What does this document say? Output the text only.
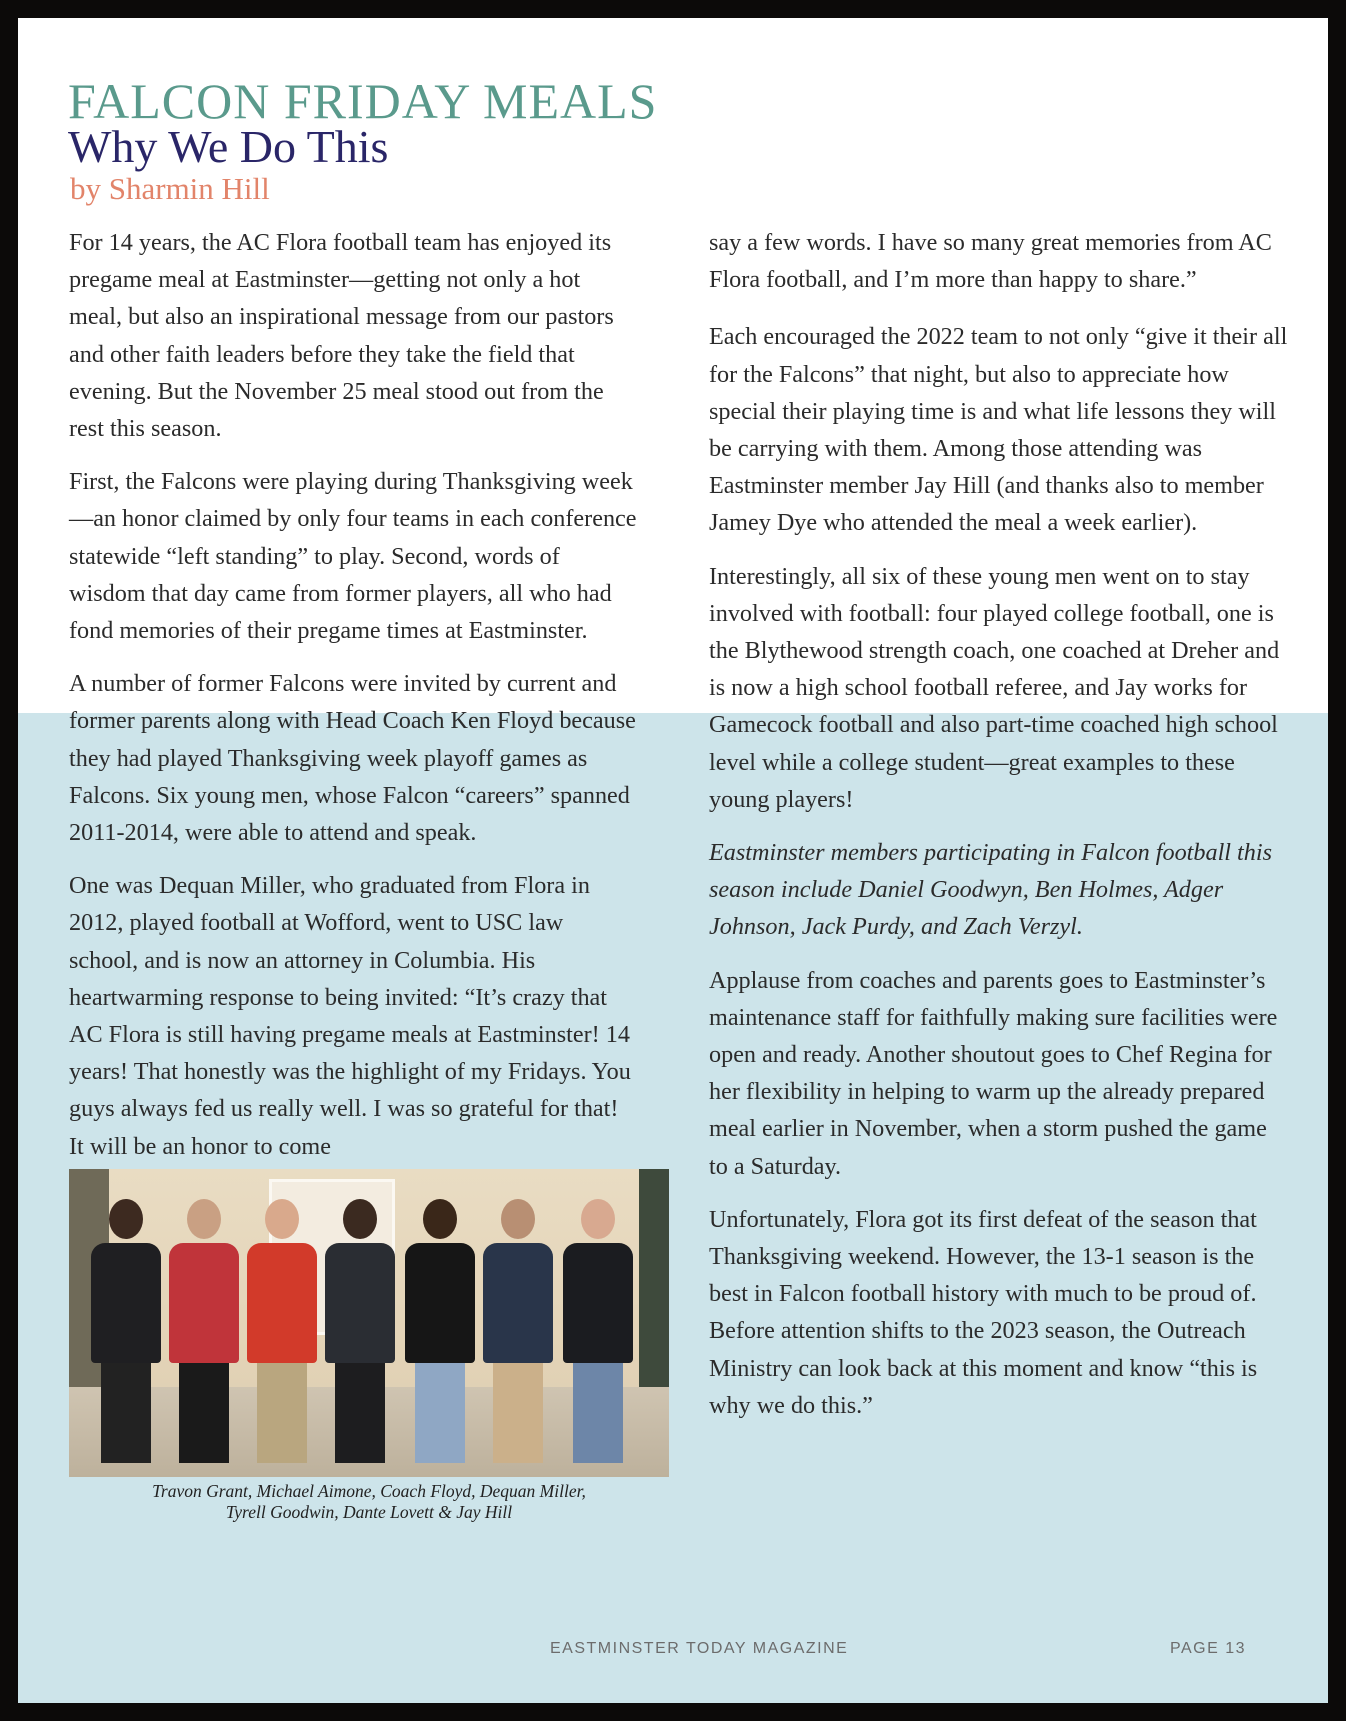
FALCON FRIDAY MEALS
Why We Do This
by Sharmin Hill

For 14 years, the AC Flora football team has enjoyed its pregame meal at Eastminster—getting not only a hot meal, but also an inspirational message from our pastors and other faith leaders before they take the field that evening. But the November 25 meal stood out from the rest this season.

First, the Falcons were playing during Thanksgiving week—an honor claimed by only four teams in each conference statewide “left standing” to play. Second, words of wisdom that day came from former players, all who had fond memories of their pregame times at Eastminster.

A number of former Falcons were invited by current and former parents along with Head Coach Ken Floyd because they had played Thanksgiving week playoff games as Falcons. Six young men, whose Falcon “careers” spanned 2011-2014, were able to attend and speak.

One was Dequan Miller, who graduated from Flora in 2012, played football at Wofford, went to USC law school, and is now an attorney in Columbia. His heartwarming response to being invited: “It’s crazy that AC Flora is still having pregame meals at Eastminster! 14 years! That honestly was the highlight of my Fridays. You guys always fed us really well. I was so grateful for that! It will be an honor to come

Travon Grant, Michael Aimone, Coach Floyd, Dequan Miller,
Tyrell Goodwin, Dante Lovett & Jay Hill

say a few words. I have so many great memories from AC Flora football, and I’m more than happy to share.”

Each encouraged the 2022 team to not only “give it their all for the Falcons” that night, but also to appreciate how special their playing time is and what life lessons they will be carrying with them. Among those attending was Eastminster member Jay Hill (and thanks also to member Jamey Dye who attended the meal a week earlier).

Interestingly, all six of these young men went on to stay involved with football: four played college football, one is the Blythewood strength coach, one coached at Dreher and is now a high school football referee, and Jay works for Gamecock football and also part-time coached high school level while a college student—great examples to these young players!

Eastminster members participating in Falcon football this season include Daniel Goodwyn, Ben Holmes, Adger Johnson, Jack Purdy, and Zach Verzyl.

Applause from coaches and parents goes to Eastminster’s maintenance staff for faithfully making sure facilities were open and ready. Another shoutout goes to Chef Regina for her flexibility in helping to warm up the already prepared meal earlier in November, when a storm pushed the game to a Saturday.

Unfortunately, Flora got its first defeat of the season that Thanksgiving weekend. However, the 13-1 season is the best in Falcon football history with much to be proud of. Before attention shifts to the 2023 season, the Outreach Ministry can look back at this moment and know “this is why we do this.”

EASTMINSTER TODAY MAGAZINE	PAGE 13
